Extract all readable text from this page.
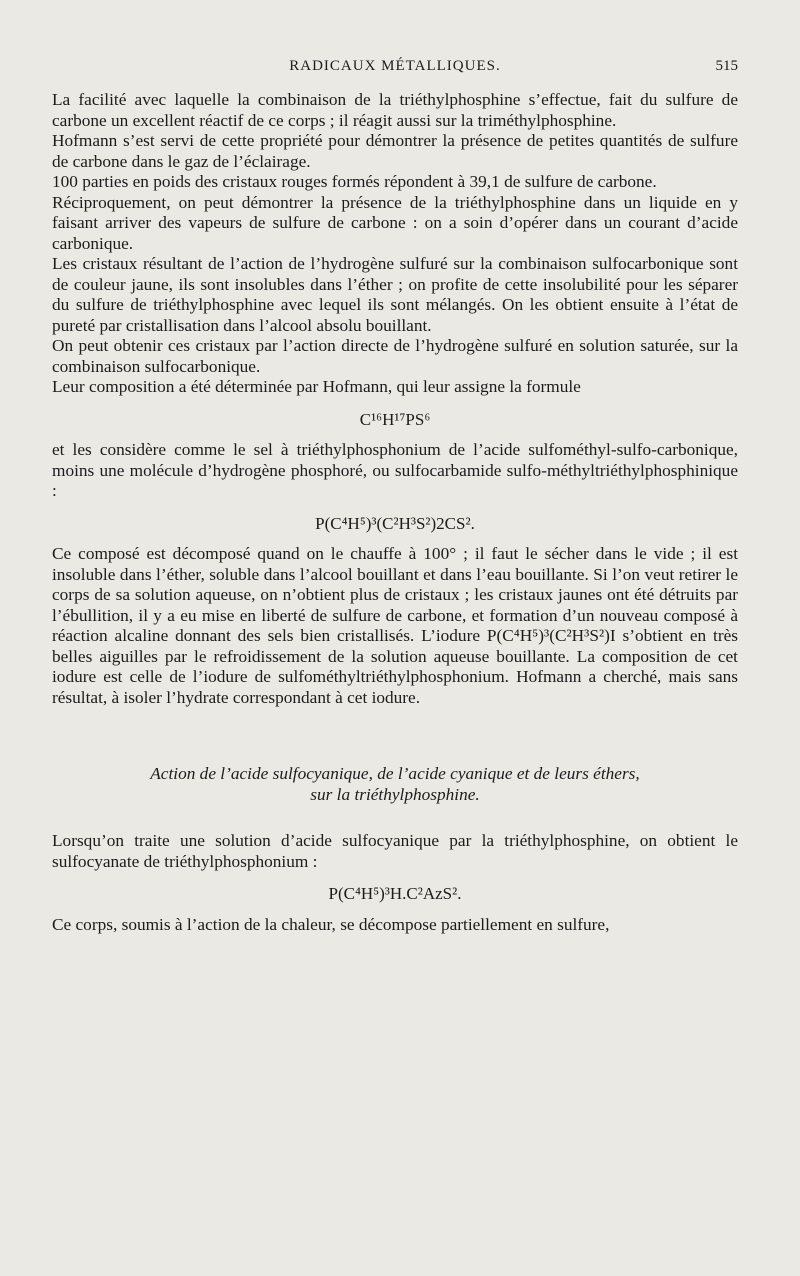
RADICAUX MÉTALLIQUES.	515

La facilité avec laquelle la combinaison de la triéthylphosphine s’effectue, fait du sulfure de carbone un excellent réactif de ce corps ; il réagit aussi sur la triméthylphosphine.

Hofmann s’est servi de cette propriété pour démontrer la présence de petites quantités de sulfure de carbone dans le gaz de l’éclairage.

100 parties en poids des cristaux rouges formés répondent à 39,1 de sulfure de carbone.

Réciproquement, on peut démontrer la présence de la triéthylphosphine dans un liquide en y faisant arriver des vapeurs de sulfure de carbone : on a soin d’opérer dans un courant d’acide carbonique.

Les cristaux résultant de l’action de l’hydrogène sulfuré sur la combinaison sulfocarbonique sont de couleur jaune, ils sont insolubles dans l’éther ; on profite de cette insolubilité pour les séparer du sulfure de triéthylphosphine avec lequel ils sont mélangés. On les obtient ensuite à l’état de pureté par cristallisation dans l’alcool absolu bouillant.

On peut obtenir ces cristaux par l’action directe de l’hydrogène sulfuré en solution saturée, sur la combinaison sulfocarbonique.

Leur composition a été déterminée par Hofmann, qui leur assigne la formule

C¹⁶H¹⁷PS⁶

et les considère comme le sel à triéthylphosphonium de l’acide sulfométhyl-sulfo-carbonique, moins une molécule d’hydrogène phosphoré, ou sulfocarbamide sulfo-méthyltriéthylphosphinique :

P(C⁴H⁵)³(C²H³S²)2CS².

Ce composé est décomposé quand on le chauffe à 100° ; il faut le sécher dans le vide ; il est insoluble dans l’éther, soluble dans l’alcool bouillant et dans l’eau bouillante. Si l’on veut retirer le corps de sa solution aqueuse, on n’obtient plus de cristaux ; les cristaux jaunes ont été détruits par l’ébullition, il y a eu mise en liberté de sulfure de carbone, et formation d’un nouveau composé à réaction alcaline donnant des sels bien cristallisés. L’iodure P(C⁴H⁵)³(C²H³S²)I s’obtient en très belles aiguilles par le refroidissement de la solution aqueuse bouillante. La composition de cet iodure est celle de l’iodure de sulfométhyltriéthylphosphonium. Hofmann a cherché, mais sans résultat, à isoler l’hydrate correspondant à cet iodure.

Action de l’acide sulfocyanique, de l’acide cyanique et de leurs éthers,
sur la triéthylphosphine.

Lorsqu’on traite une solution d’acide sulfocyanique par la triéthylphosphine, on obtient le sulfocyanate de triéthylphosphonium :

P(C⁴H⁵)³H.C²AzS².

Ce corps, soumis à l’action de la chaleur, se décompose partiellement en sulfure,
